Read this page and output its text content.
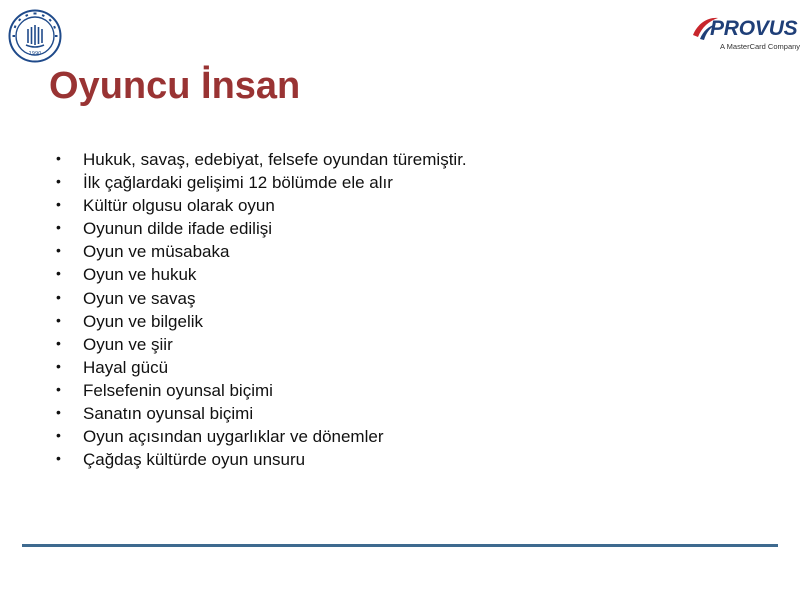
1990
PROVUS
A MasterCard Company
Oyuncu İnsan
• Hukuk, savaş, edebiyat, felsefe oyundan türemiştir.
• İlk çağlardaki gelişimi 12 bölümde ele alır
• Kültür olgusu olarak oyun
• Oyunun dilde ifade edilişi
• Oyun ve müsabaka
• Oyun ve hukuk
• Oyun ve savaş
• Oyun ve bilgelik
• Oyun ve şiir
• Hayal gücü
• Felsefenin oyunsal biçimi
• Sanatın oyunsal biçimi
• Oyun açısından uygarlıklar ve dönemler
• Çağdaş kültürde oyun unsuru
